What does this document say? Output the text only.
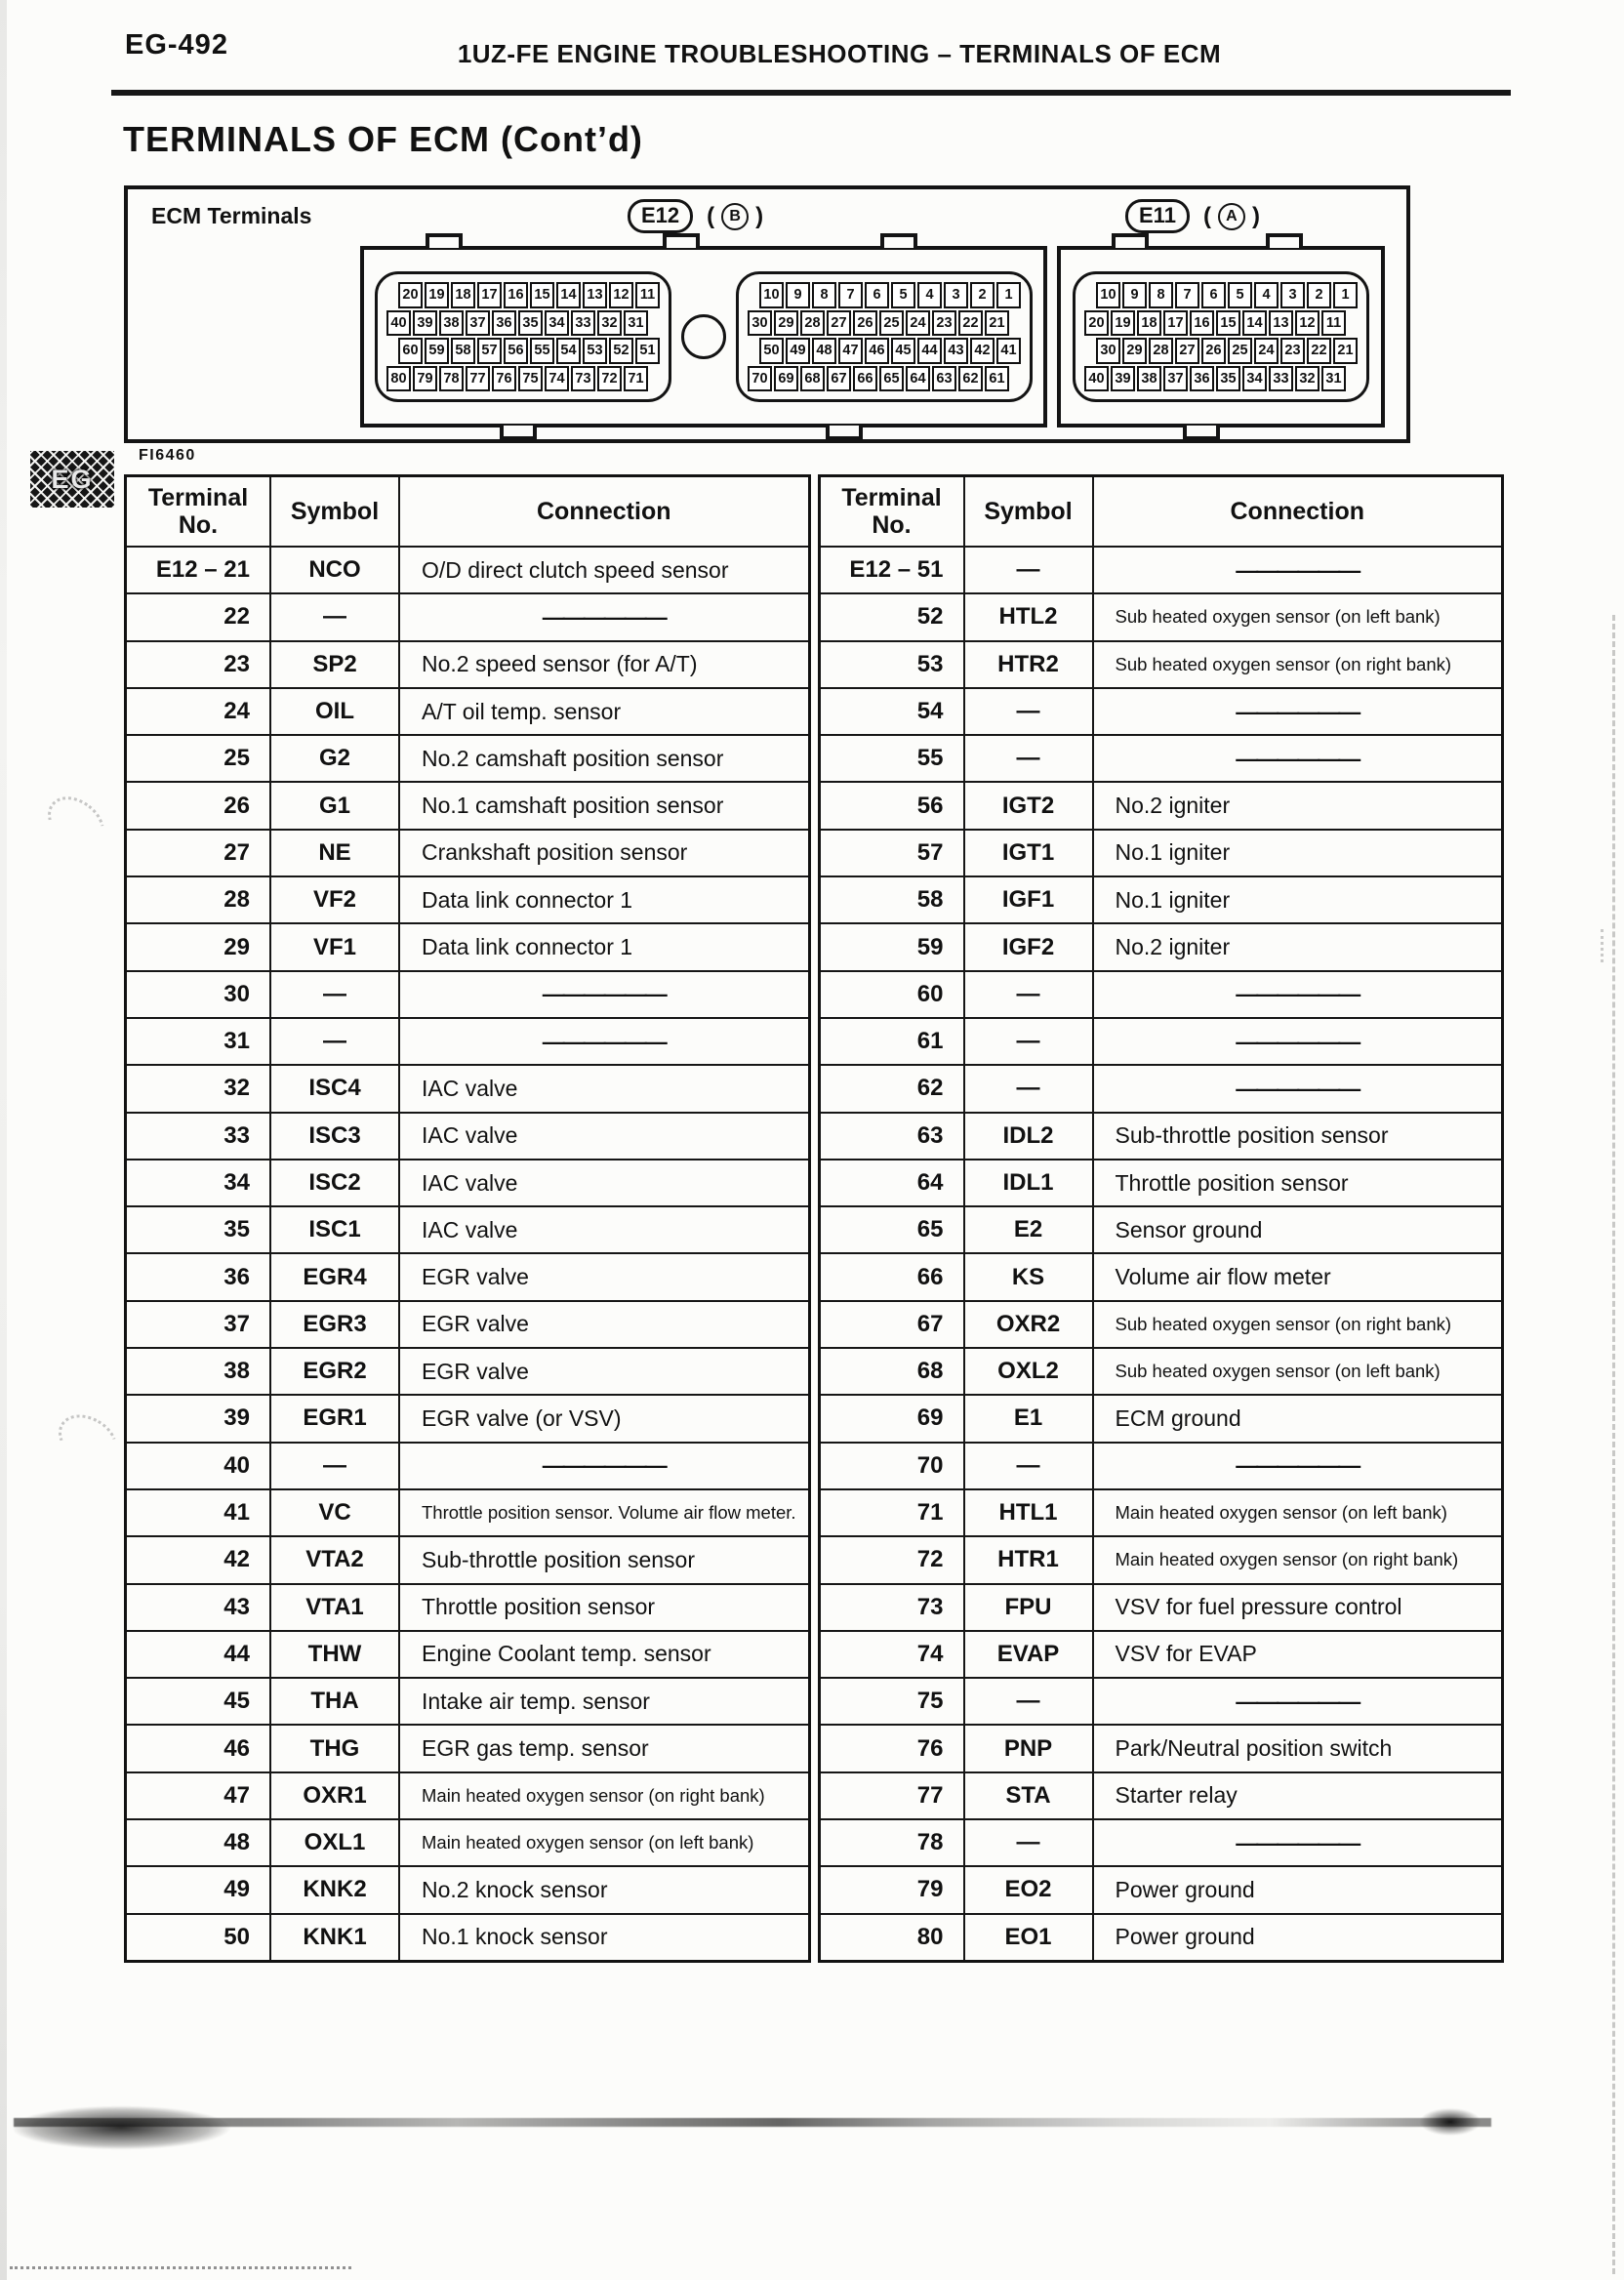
EG-492	1UZ-FE ENGINE TROUBLESHOOTING – TERMINALS OF ECM
TERMINALS OF ECM (Cont’d)
EG
ECM Terminals	E12	( B
)	E11	( A
)
20 19 18 17 16 15 14 13 12 11
40 39 38 37 36 35 34 33 32 31
60 59 58 57 56 55 54 53 52 51
80 79 78 77 76 75 74 73 72 71
10	9	8	7	6	5	4	3	2	1
30 29 28 27 26 25 24 23 22 21
50 49 48 47 46 45 44 43 42 41
70 69 68 67 66 65 64 63 62 61
10	9	8	7	6	5	4	3	2	1
20 19 18 17 16 15 14 13 12 11
30 29 28 27 26 25 24 23 22 21
40 39 38 37 36 35 34 33 32 31
FI6460
Terminal No.	Symbol	Connection
E12 – 21	NCO	O/D direct clutch speed sensor
22	—	——————
23	SP2	No.2 speed sensor (for A/T)
24	OIL	A/T oil temp. sensor
25	G2	No.2 camshaft position sensor
26	G1	No.1 camshaft position sensor
27	NE	Crankshaft position sensor
28	VF2	Data link connector 1
29	VF1	Data link connector 1
30	—	——————
31	—	——————
32	ISC4	IAC valve
33	ISC3	IAC valve
34	ISC2	IAC valve
35	ISC1	IAC valve
36	EGR4	EGR valve
37	EGR3	EGR valve
38	EGR2	EGR valve
39	EGR1	EGR valve (or VSV)
40	—	——————
41	VC	Throttle position sensor. Volume air flow meter.
42	VTA2	Sub-throttle position sensor
43	VTA1	Throttle position sensor
44	THW	Engine Coolant temp. sensor
45	THA	Intake air temp. sensor
46	THG	EGR gas temp. sensor
47	OXR1	Main heated oxygen sensor (on right bank)
48	OXL1	Main heated oxygen sensor (on left bank)
49	KNK2	No.2 knock sensor
50	KNK1	No.1 knock sensor
Terminal No.	Symbol	Connection
E12 – 51	—	——————
52	HTL2	Sub heated oxygen sensor (on left bank)
53	HTR2	Sub heated oxygen sensor (on right bank)
54	—	——————
55	—	——————
56	IGT2	No.2 igniter
57	IGT1	No.1 igniter
58	IGF1	No.1 igniter
59	IGF2	No.2 igniter
60	—	——————
61	—	——————
62	—	——————
63	IDL2	Sub-throttle position sensor
64	IDL1	Throttle position sensor
65	E2	Sensor ground
66	KS	Volume air flow meter
67	OXR2	Sub heated oxygen sensor (on right bank)
68	OXL2	Sub heated oxygen sensor (on left bank)
69	E1	ECM ground
70	—	——————
71	HTL1	Main heated oxygen sensor (on left bank)
72	HTR1	Main heated oxygen sensor (on right bank)
73	FPU	VSV for fuel pressure control
74	EVAP	VSV for EVAP
75	—	——————
76	PNP	Park/Neutral position switch
77	STA	Starter relay
78	—	——————
79	EO2	Power ground
80	EO1	Power ground
